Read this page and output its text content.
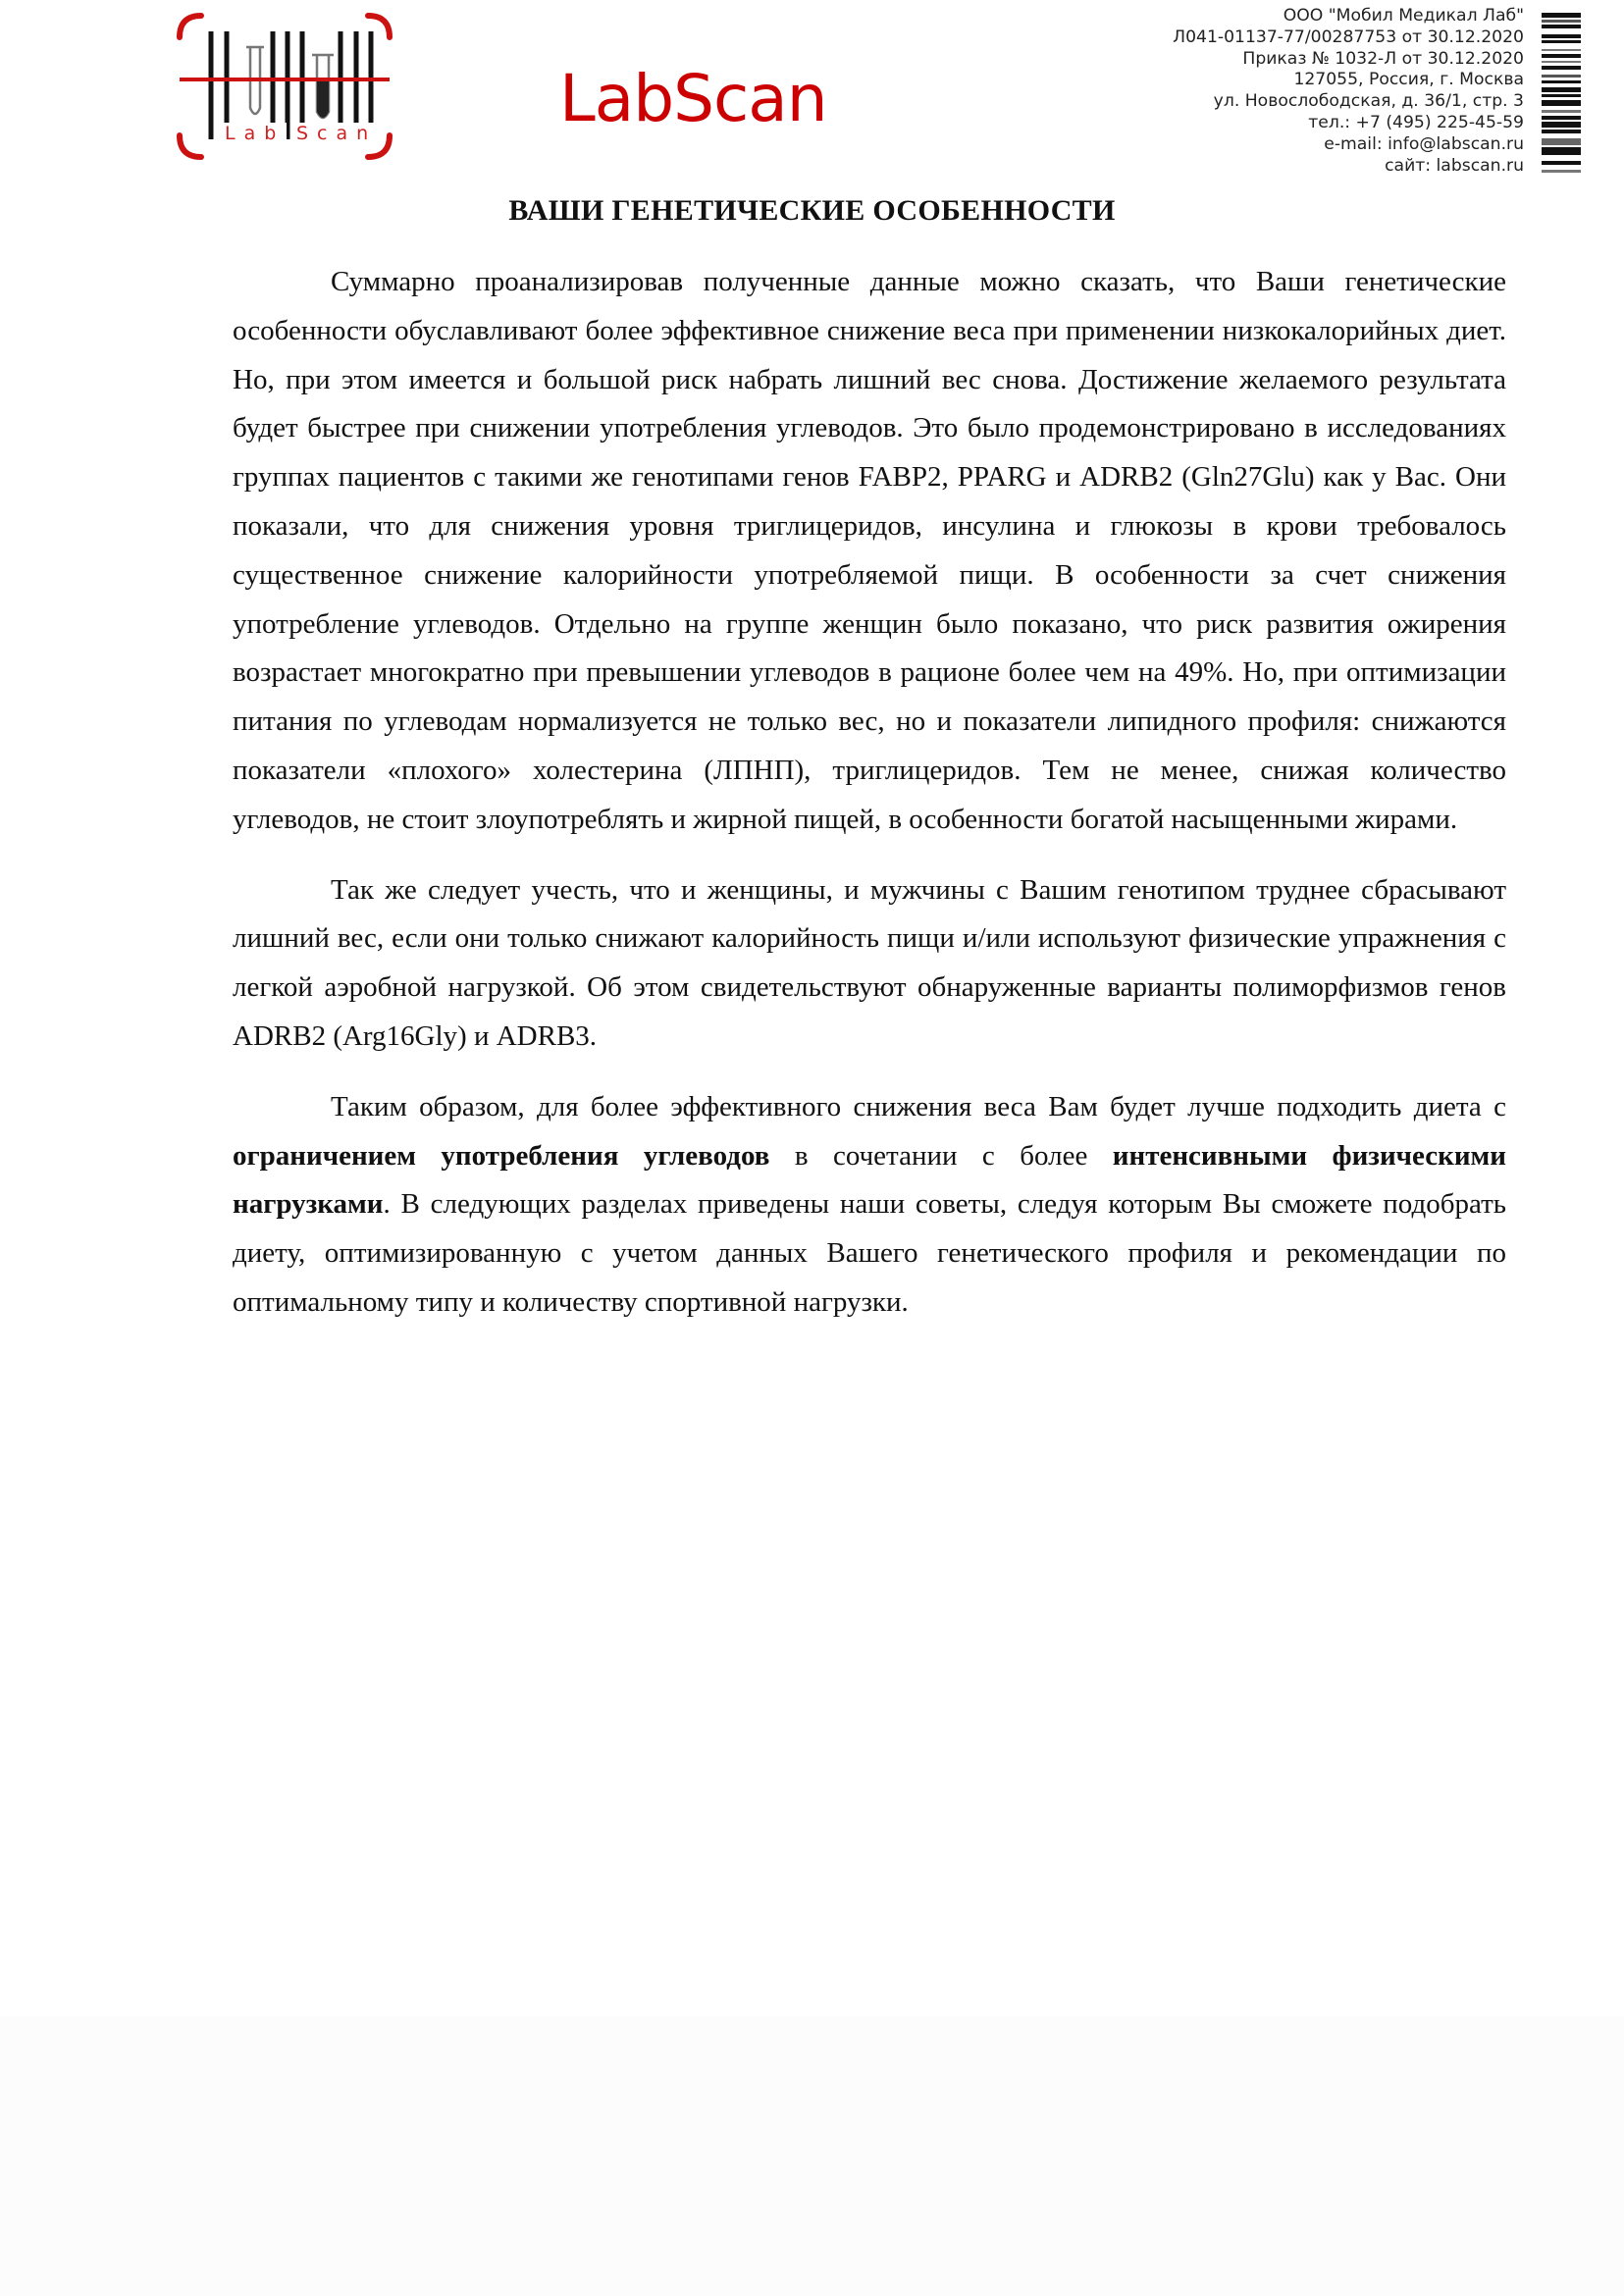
Lab Scan	LabScan
ООО "Мобил Медикал Лаб"
Л041-01137-77/00287753 от 30.12.2020
Приказ № 1032-Л от 30.12.2020
127055, Россия, г. Москва
ул. Новослободская, д. 36/1, стр. 3
тел.: +7 (495) 225-45-59
e-mail: info@labscan.ru
сайт: labscan.ru
ВАШИ ГЕНЕТИЧЕСКИЕ ОСОБЕННОСТИ

Суммарно проанализировав полученные данные можно сказать, что Ваши генетические особенности обуславливают более эффективное снижение веса при применении низкокалорийных диет. Но, при этом имеется и большой риск набрать лишний вес снова. Достижение желаемого результата будет быстрее при снижении употребления углеводов. Это было продемонстрировано в исследованиях группах пациентов с такими же генотипами генов FABP2, PPARG и ADRB2 (Gln27Glu) как у Вас. Они показали, что для снижения уровня триглицеридов, инсулина и глюкозы в крови требовалось существенное снижение калорийности употребляемой пищи. В особенности за счет снижения употребление углеводов. Отдельно на группе женщин было показано, что риск развития ожирения возрастает многократно при превышении углеводов в рационе более чем на 49%. Но, при оптимизации питания по углеводам нормализуется не только вес, но и показатели липидного профиля: снижаются показатели «плохого» холестерина (ЛПНП), триглицеридов. Тем не менее, снижая количество углеводов, не стоит злоупотреблять и жирной пищей, в особенности богатой насыщенными жирами.

Так же следует учесть, что и женщины, и мужчины с Вашим генотипом труднее сбрасывают лишний вес, если они только снижают калорийность пищи и/или используют физические упражнения с легкой аэробной нагрузкой. Об этом свидетельствуют обнаруженные варианты полиморфизмов генов ADRB2 (Arg16Gly) и ADRB3.

Таким образом, для более эффективного снижения веса Вам будет лучше подходить диета с ограничением употребления углеводов в сочетании с более интенсивными физическими нагрузками. В следующих разделах приведены наши советы, следуя которым Вы сможете подобрать диету, оптимизированную с учетом данных Вашего генетического профиля и рекомендации по оптимальному типу и количеству спортивной нагрузки.
